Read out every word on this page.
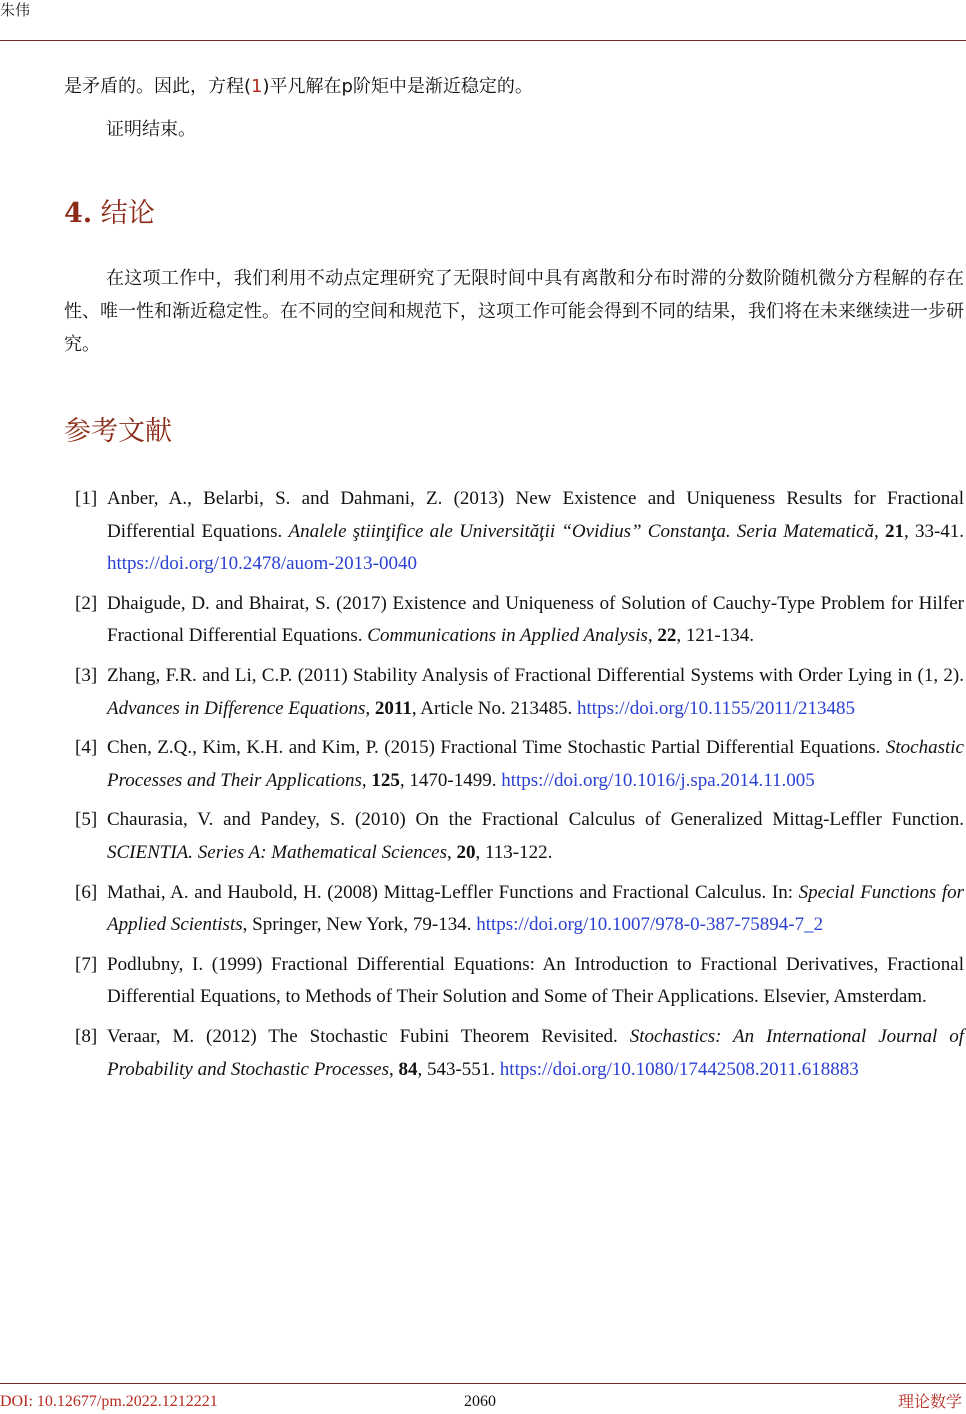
朱伟

是矛盾的。因此，方程(1)平凡解在p阶矩中是渐近稳定的。

证明结束。

4. 结论

在这项工作中，我们利用不动点定理研究了无限时间中具有离散和分布时滞的分数阶随机微分方程解的存在性、唯一性和渐近稳定性。在不同的空间和规范下，这项工作可能会得到不同的结果，我们将在未来继续进一步研究。

参考文献
[1] Anber, A., Belarbi, S. and Dahmani, Z. (2013) New Existence and Uniqueness Results for Fractional Differential Equations. Analele ştiinţifice ale Universităţii “Ovidius” Constanţa. Seria Matematică, 21, 33-41. https://doi.org/10.2478/auom-2013-0040
[2] Dhaigude, D. and Bhairat, S. (2017) Existence and Uniqueness of Solution of Cauchy-Type Problem for Hilfer Fractional Differential Equations. Communications in Applied Analysis, 22, 121-134.
[3] Zhang, F.R. and Li, C.P. (2011) Stability Analysis of Fractional Differential Systems with Order Lying in (1, 2). Advances in Difference Equations, 2011, Article No. 213485. https://doi.org/10.1155/2011/213485
[4] Chen, Z.Q., Kim, K.H. and Kim, P. (2015) Fractional Time Stochastic Partial Differential Equations. Stochastic Processes and Their Applications, 125, 1470-1499. https://doi.org/10.1016/j.spa.2014.11.005
[5] Chaurasia, V. and Pandey, S. (2010) On the Fractional Calculus of Generalized Mittag-Leffler Function. SCIENTIA. Series A: Mathematical Sciences, 20, 113-122.
[6] Mathai, A. and Haubold, H. (2008) Mittag-Leffler Functions and Fractional Calculus. In: Special Functions for Applied Scientists, Springer, New York, 79-134. https://doi.org/10.1007/978-0-387-75894-7_2
[7] Podlubny, I. (1999) Fractional Differential Equations: An Introduction to Fractional Derivatives, Fractional Differential Equations, to Methods of Their Solution and Some of Their Applications. Elsevier, Amsterdam.
[8] Veraar, M. (2012) The Stochastic Fubini Theorem Revisited. Stochastics: An International Journal of Probability and Stochastic Processes, 84, 543-551. https://doi.org/10.1080/17442508.2011.618883
DOI: 10.12677/pm.2022.1212221	2060	理论数学
